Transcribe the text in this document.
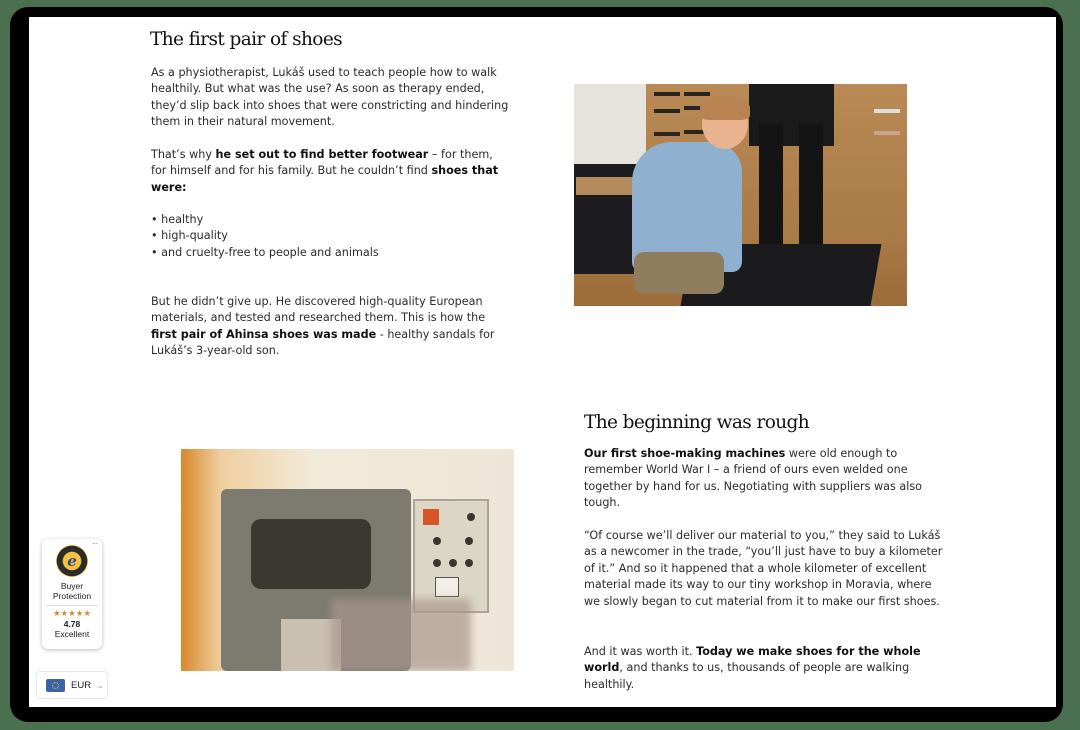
The first pair of shoes

As a physiotherapist, Lukáš used to teach people how to walk healthily. But what was the use? As soon as therapy ended, they’d slip back into shoes that were constricting and hindering them in their natural movement.

That’s why he set out to find better footwear – for them, for himself and for his family. But he couldn’t find shoes that were:

• healthy
• high-quality
• and cruelty-free to people and animals

But he didn’t give up. He discovered high-quality European materials, and tested and researched them. This is how the first pair of Ahinsa shoes was made - healthy sandals for Lukáš’s 3-year-old son.

The beginning was rough

Our first shoe-making machines were old enough to remember World War I – a friend of ours even welded one together by hand for us. Negotiating with suppliers was also tough.

“Of course we’ll deliver our material to you,” they said to Lukáš as a newcomer in the trade, “you’ll just have to buy a kilometer of it.” And so it happened that a whole kilometer of excellent material made its way to our tiny workshop in Moravia, where we slowly began to cut material from it to make our first shoes.

And it was worth it. Today we make shoes for the whole world, and thanks to us, thousands of people are walking healthily.

···
e
Buyer Protection
★★★★★
4.78
Excellent
EUR ⌄
